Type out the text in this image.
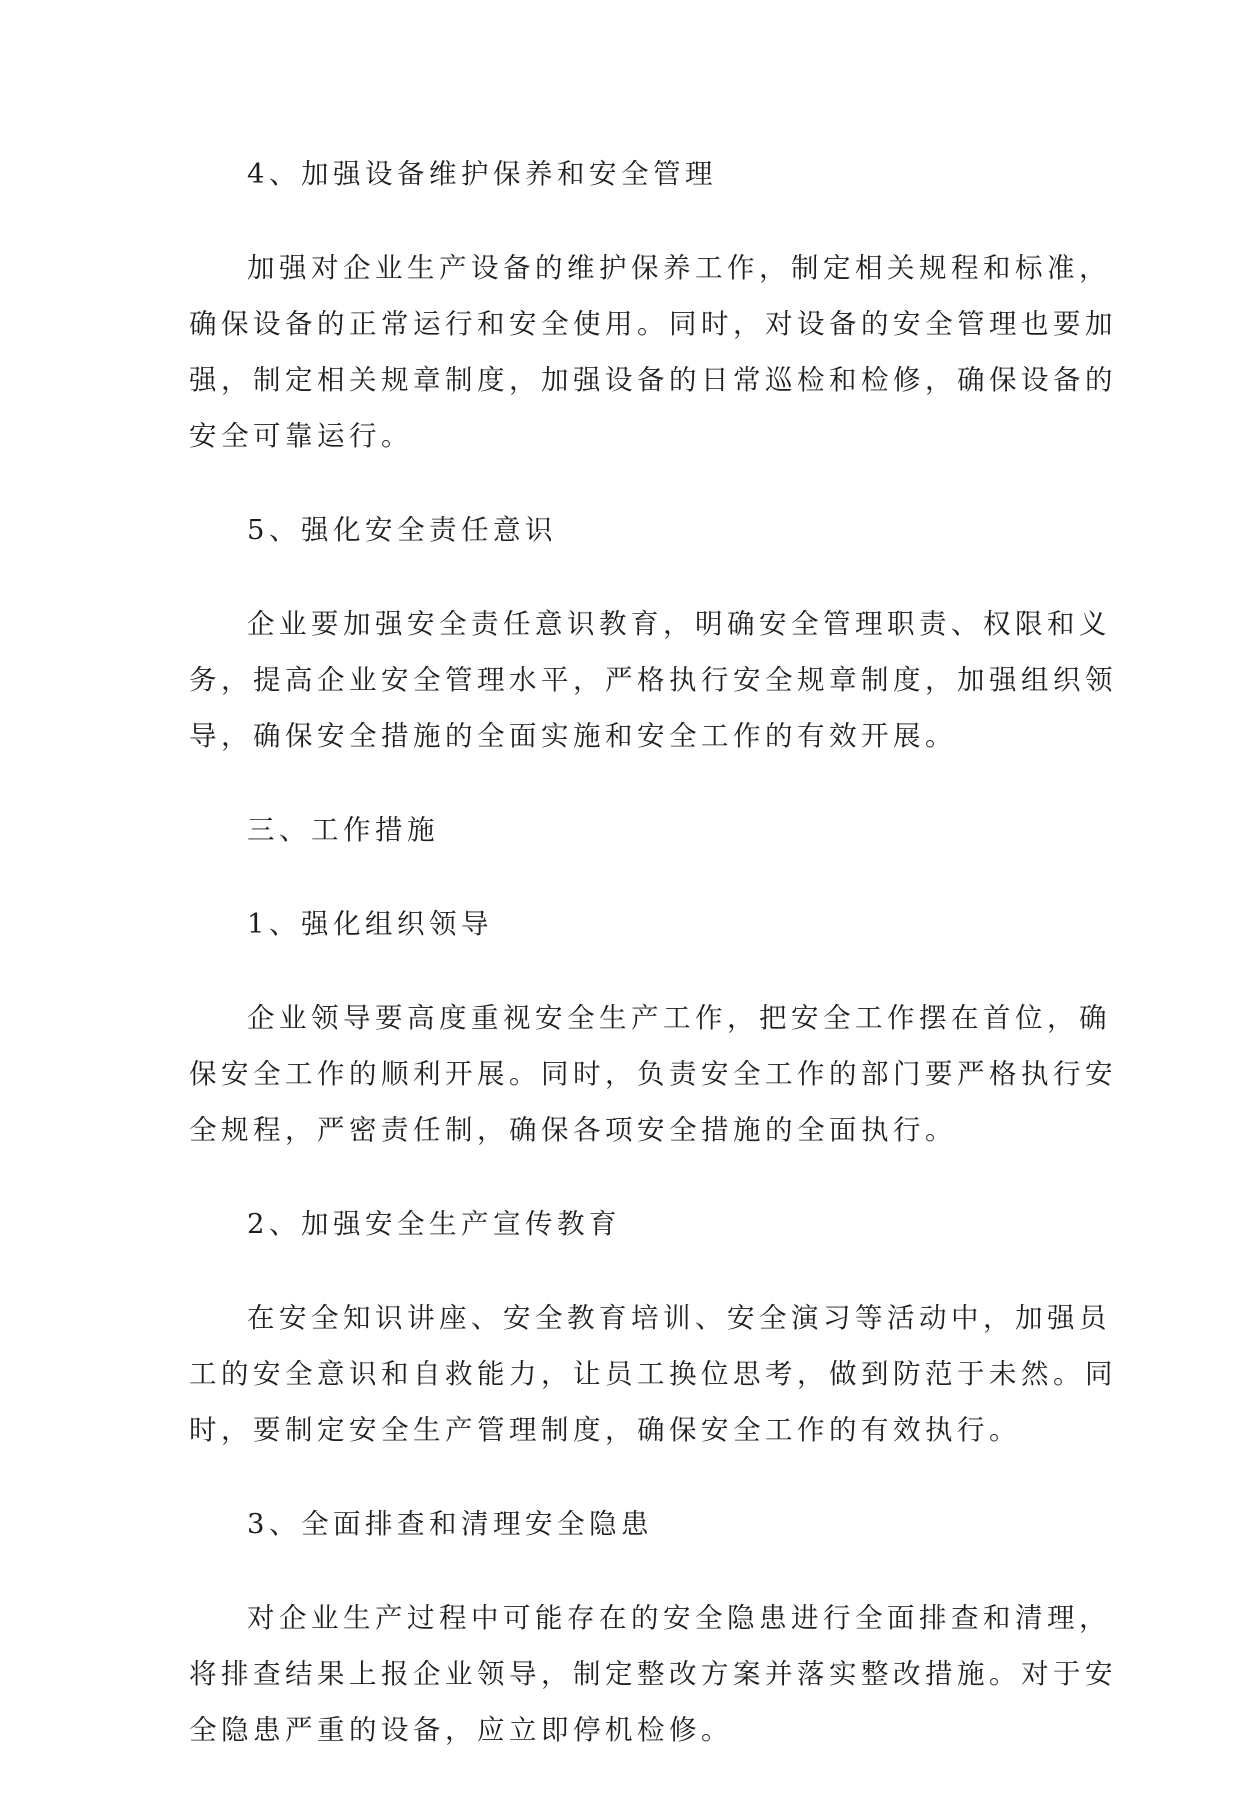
4、加强设备维护保养和安全管理
加强对企业生产设备的维护保养工作，制定相关规程和标准，
确保设备的正常运行和安全使用。同时，对设备的安全管理也要加
强，制定相关规章制度，加强设备的日常巡检和检修，确保设备的
安全可靠运行。
5、强化安全责任意识
企业要加强安全责任意识教育，明确安全管理职责、权限和义
务，提高企业安全管理水平，严格执行安全规章制度，加强组织领
导，确保安全措施的全面实施和安全工作的有效开展。
三、工作措施
1、强化组织领导
企业领导要高度重视安全生产工作，把安全工作摆在首位，确
保安全工作的顺利开展。同时，负责安全工作的部门要严格执行安
全规程，严密责任制，确保各项安全措施的全面执行。
2、加强安全生产宣传教育
在安全知识讲座、安全教育培训、安全演习等活动中，加强员
工的安全意识和自救能力，让员工换位思考，做到防范于未然。同
时，要制定安全生产管理制度，确保安全工作的有效执行。
3、全面排查和清理安全隐患
对企业生产过程中可能存在的安全隐患进行全面排查和清理，
将排查结果上报企业领导，制定整改方案并落实整改措施。对于安
全隐患严重的设备，应立即停机检修。
